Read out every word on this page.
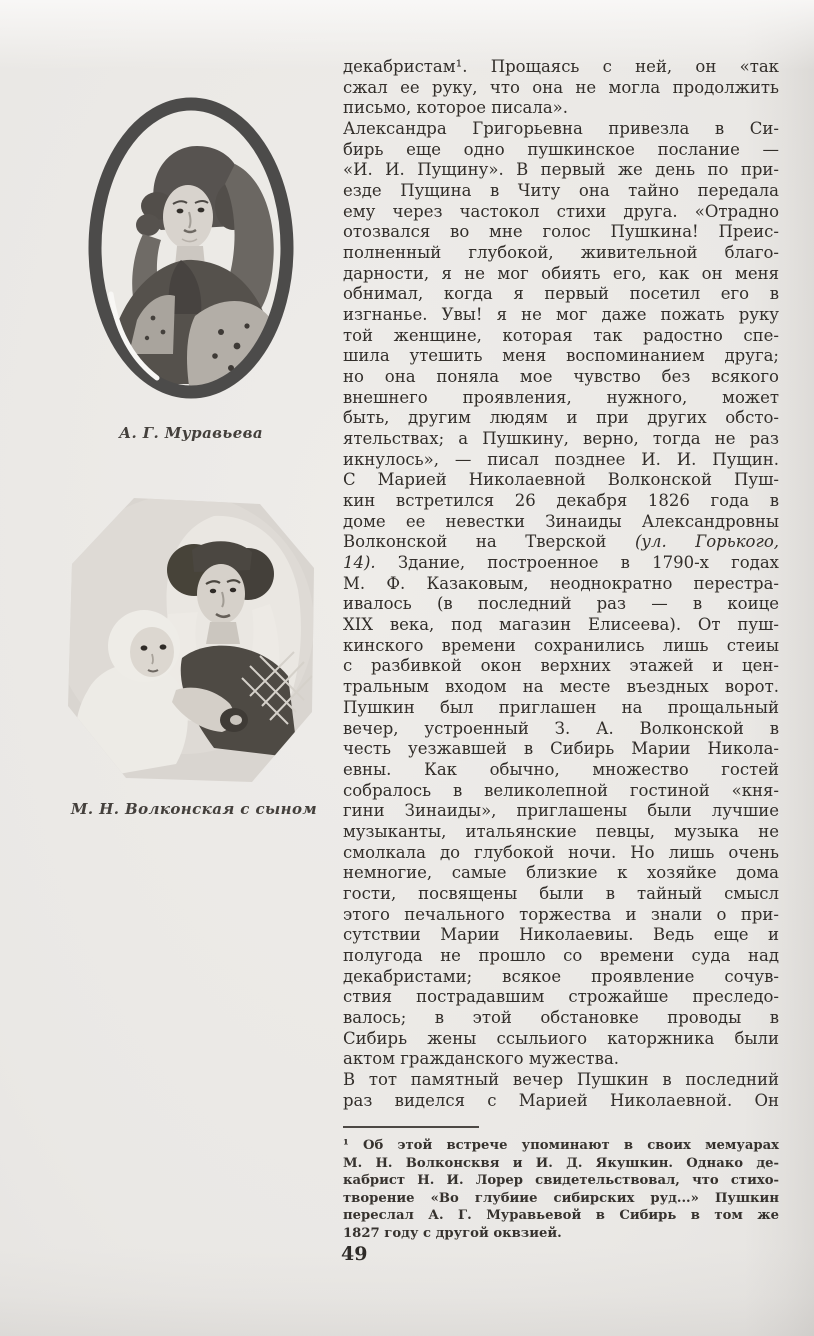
А. Г. Муравьева
М. Н. Волконская с сыном
декабристам¹. Прощаясь с ней, он «так
сжал ее руку, что она не могла продолжить
письмо, которое писала».
Александра Григорьевна привезла в Си-
бирь еще одно пушкинское послание —
«И. И. Пущину». В первый же день по при-
езде Пущина в Читу она тайно передала
ему через частокол стихи друга. «Отрадно
отозвался во мне голос Пушкина! Преис-
полненный глубокой, живительной благо-
дарности, я не мог обиять его, как он меня
обнимал, когда я первый посетил его в
изгнанье. Увы! я не мог даже пожать руку
той женщине, которая так радостно спе-
шила утешить меня воспоминанием друга;
но она поняла мое чувство без всякого
внешнего проявления, нужного, может
быть, другим людям и при других обсто-
ятельствах; а Пушкину, верно, тогда не раз
икнулось», — писал позднее И. И. Пущин.
С Марией Николаевной Волконской Пуш-
кин встретился 26 декабря 1826 года в
доме ее невестки Зинаиды Александровны
Волконской на Тверской (ул. Горького,
14). Здание, построенное в 1790-х годах
М. Ф. Казаковым, неоднократно перестра-
ивалось (в последний раз — в коице
XIX века, под магазин Елисеева). От пуш-
кинского времени сохранились лишь стеиы
с разбивкой окон верхних этажей и цен-
тральным входом на месте въездных ворот.
Пушкин был приглашен на прощальный
вечер, устроенный З. А. Волконской в
честь уезжавшей в Сибирь Марии Никола-
евны. Как обычно, множество гостей
собралось в великолепной гостиной «кня-
гини Зинаиды», приглашены были лучшие
музыканты, итальянские певцы, музыка не
смолкала до глубокой ночи. Но лишь очень
немногие, самые близкие к хозяйке дома
гости, посвящены были в тайный смысл
этого печального торжества и знали о при-
сутствии Марии Николаевиы. Ведь еще и
полугода не прошло со времени суда над
декабристами; всякое проявление сочув-
ствия пострадавшим строжайше преследо-
валось; в этой обстановке проводы в
Сибирь жены ссыльиого каторжника были
актом гражданского мужества.
В тот памятный вечер Пушкин в последний
раз виделся с Марией Николаевной. Он
¹ Об этой встрече упоминают в своих мемуарах
М. Н. Волконсквя и И. Д. Якушкин. Однако де-
кабрист Н. И. Лорер свидетельствовал, что стихо-
творение «Во глубиие сибирских руд...» Пушкин
переслал А. Г. Муравьевой в Сибирь в том же
1827 году с другой оквзией.
49
